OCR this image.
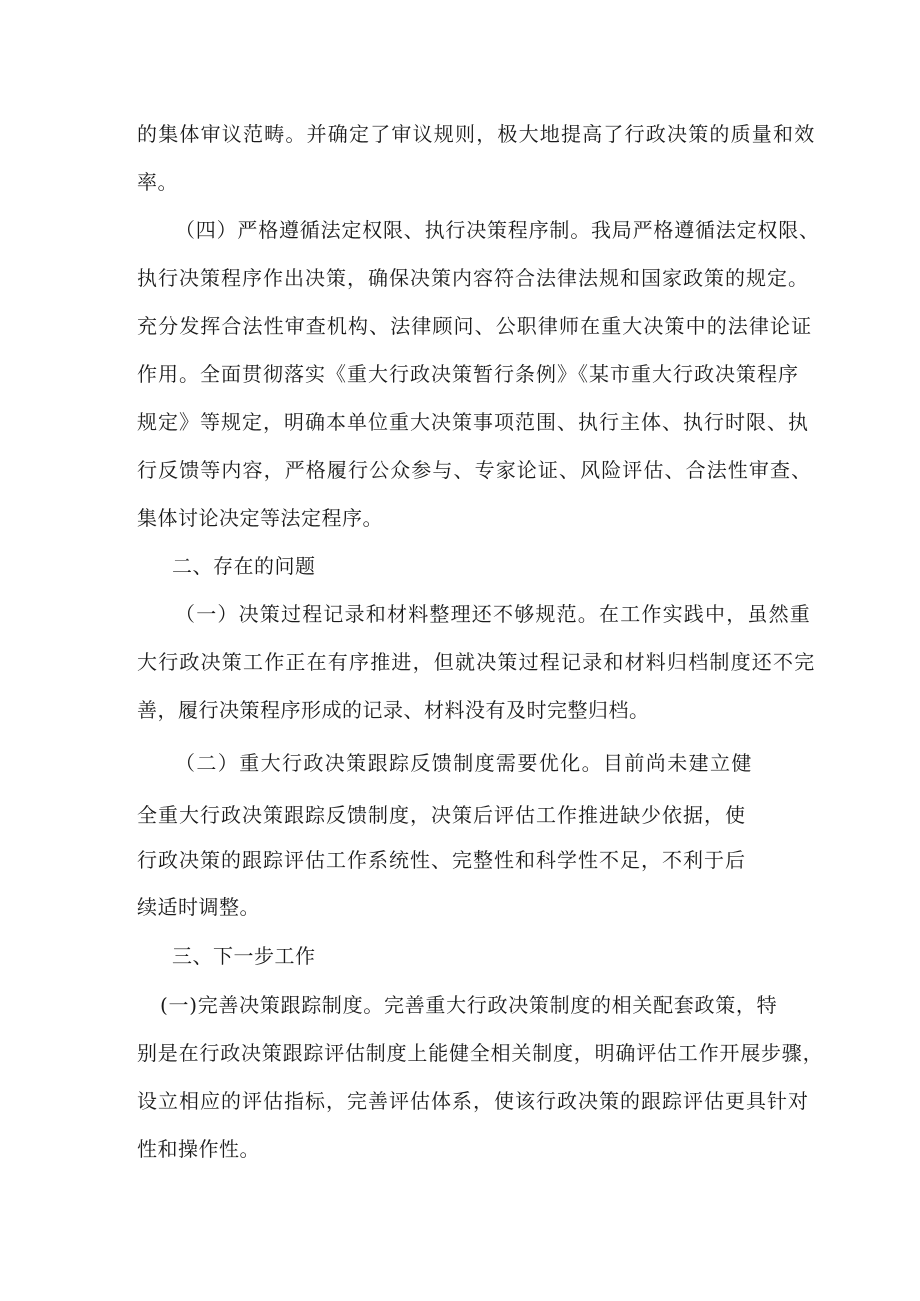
的集体审议范畴。并确定了审议规则，极大地提高了行政决策的质量和效
率。
（四）严格遵循法定权限、执行决策程序制。我局严格遵循法定权限、
执行决策程序作出决策，确保决策内容符合法律法规和国家政策的规定。
充分发挥合法性审查机构、法律顾问、公职律师在重大决策中的法律论证
作用。全面贯彻落实《重大行政决策暂行条例》《某市重大行政决策程序
规定》等规定，明确本单位重大决策事项范围、执行主体、执行时限、执
行反馈等内容，严格履行公众参与、专家论证、风险评估、合法性审查、
集体讨论决定等法定程序。
二、存在的问题
（一）决策过程记录和材料整理还不够规范。在工作实践中，虽然重
大行政决策工作正在有序推进，但就决策过程记录和材料归档制度还不完
善，履行决策程序形成的记录、材料没有及时完整归档。
（二）重大行政决策跟踪反馈制度需要优化。目前尚未建立健
全重大行政决策跟踪反馈制度，决策后评估工作推进缺少依据，使
行政决策的跟踪评估工作系统性、完整性和科学性不足，不利于后
续适时调整。
三、下一步工作
(一)完善决策跟踪制度。完善重大行政决策制度的相关配套政策，特
别是在行政决策跟踪评估制度上能健全相关制度，明确评估工作开展步骤，
设立相应的评估指标，完善评估体系，使该行政决策的跟踪评估更具针对
性和操作性。
